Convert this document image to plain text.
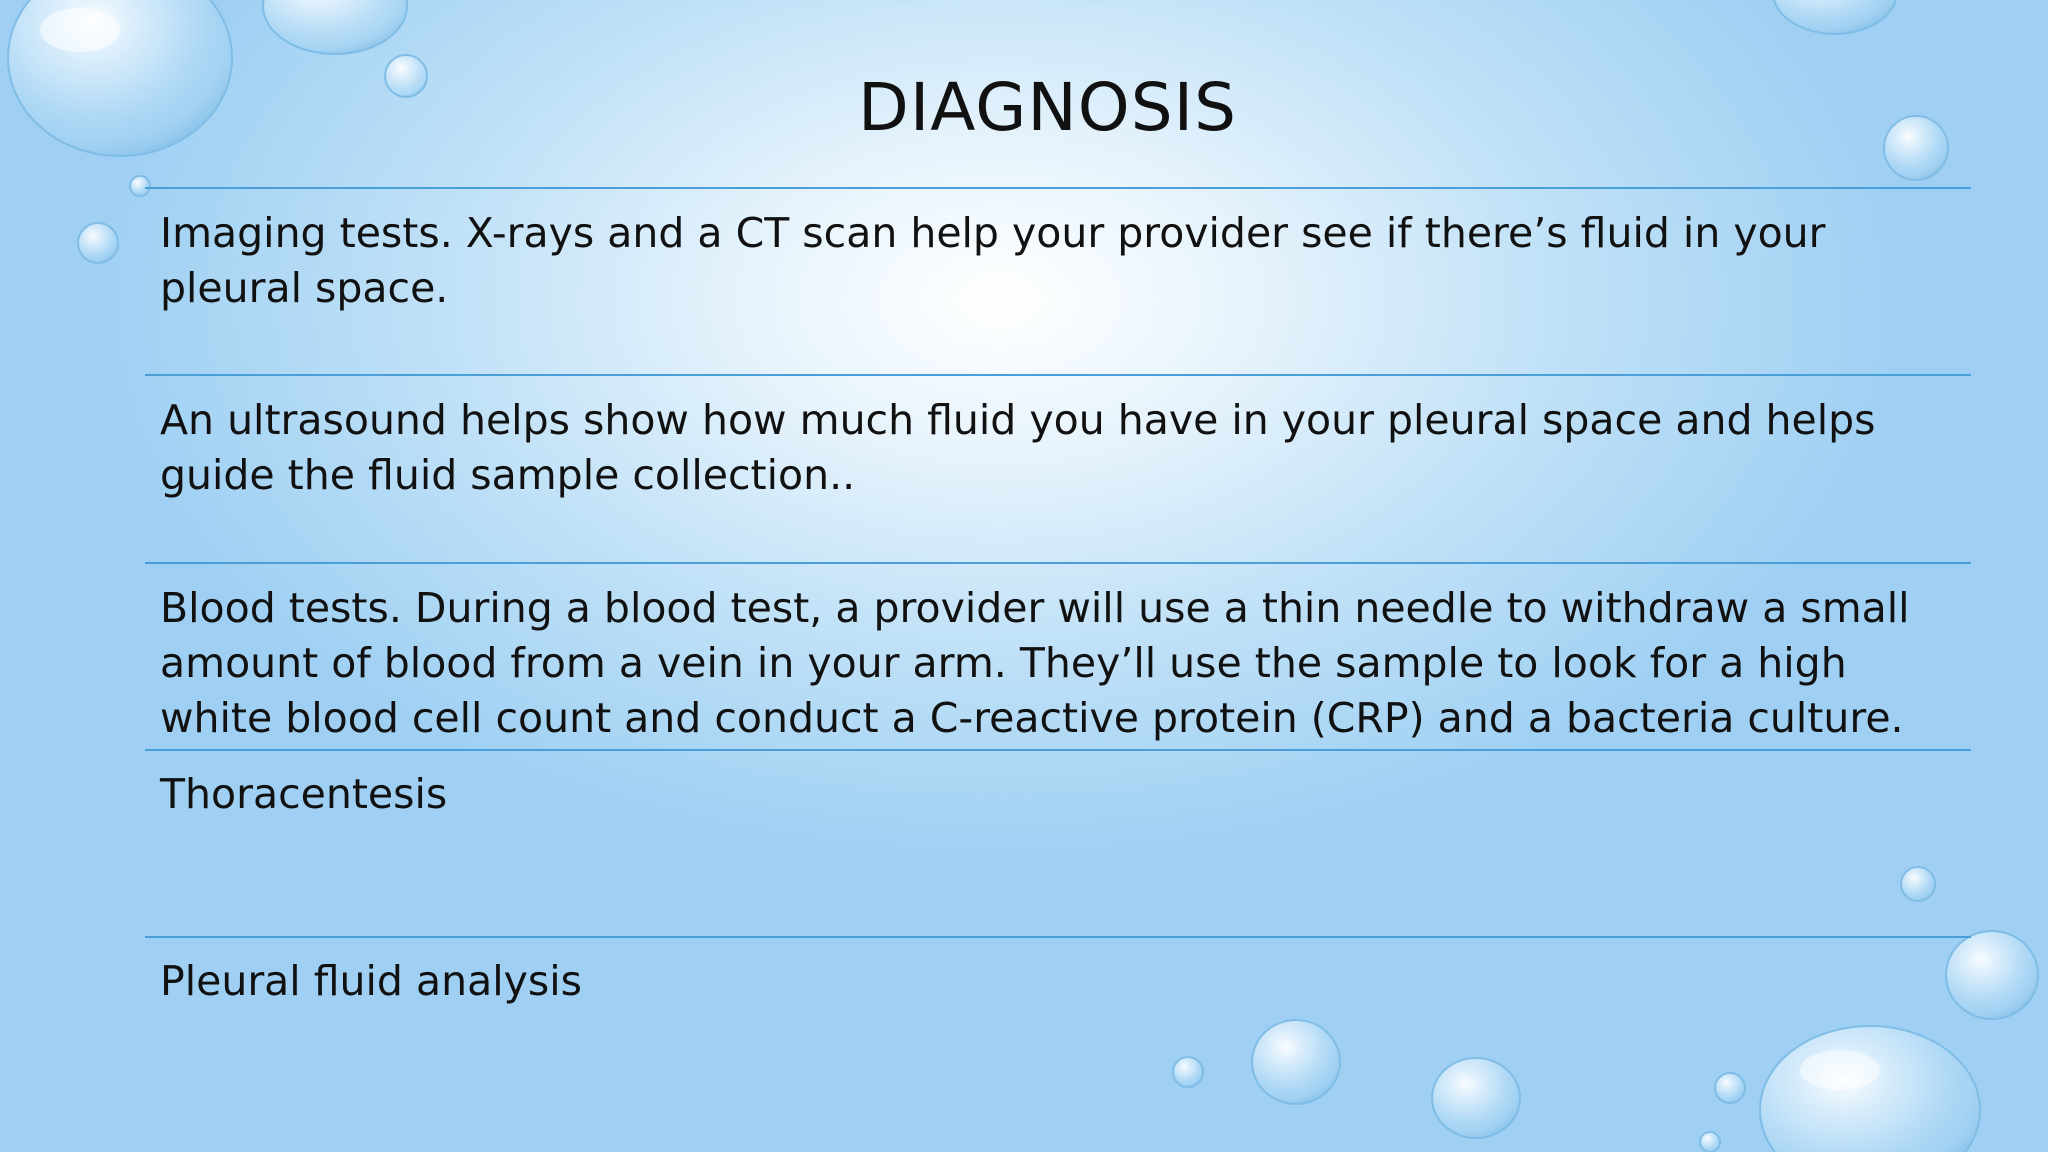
DIAGNOSIS

Imaging tests. X-rays and a CT scan help your provider see if there’s fluid in your pleural space.

An ultrasound helps show how much fluid you have in your pleural space and helps guide the fluid sample collection..

Blood tests. During a blood test, a provider will use a thin needle to withdraw a small amount of blood from a vein in your arm. They’ll use the sample to look for a high white blood cell count and conduct a C-reactive protein (CRP) and a bacteria culture.

Thoracentesis

Pleural fluid analysis
